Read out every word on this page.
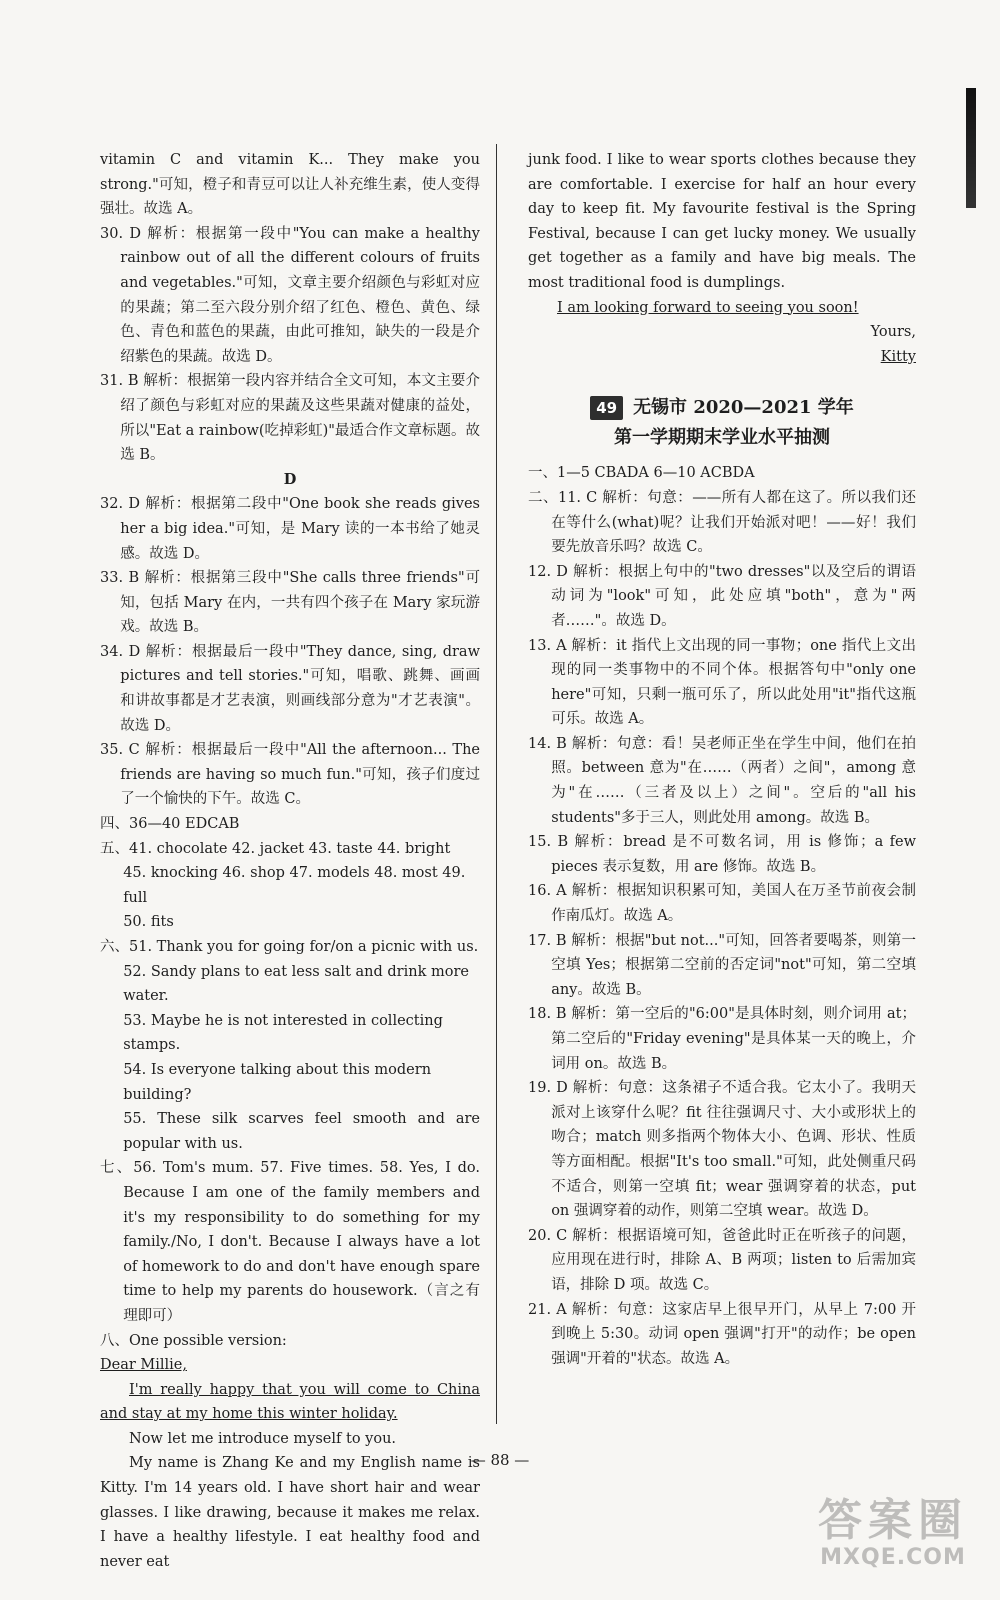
vitamin C and vitamin K... They make you strong."可知，橙子和青豆可以让人补充维生素，使人变得强壮。故选 A。

30. D 解析：根据第一段中"You can make a healthy rainbow out of all the different colours of fruits and vegetables."可知，文章主要介绍颜色与彩虹对应的果蔬；第二至六段分别介绍了红色、橙色、黄色、绿色、青色和蓝色的果蔬，由此可推知，缺失的一段是介绍紫色的果蔬。故选 D。

31. B 解析：根据第一段内容并结合全文可知，本文主要介绍了颜色与彩虹对应的果蔬及这些果蔬对健康的益处，所以"Eat a rainbow(吃掉彩虹)"最适合作文章标题。故选 B。

D

32. D 解析：根据第二段中"One book she reads gives her a big idea."可知，是 Mary 读的一本书给了她灵感。故选 D。

33. B 解析：根据第三段中"She calls three friends"可知，包括 Mary 在内，一共有四个孩子在 Mary 家玩游戏。故选 B。

34. D 解析：根据最后一段中"They dance, sing, draw pictures and tell stories."可知，唱歌、跳舞、画画和讲故事都是才艺表演，则画线部分意为"才艺表演"。故选 D。

35. C 解析：根据最后一段中"All the afternoon... The friends are having so much fun."可知，孩子们度过了一个愉快的下午。故选 C。

四、36—40 EDCAB

五、41. chocolate 42. jacket 43. taste 44. bright

45. knocking 46. shop 47. models 48. most 49. full

50. fits

六、51. Thank you for going for/on a picnic with us.

52. Sandy plans to eat less salt and drink more water.

53. Maybe he is not interested in collecting stamps.

54. Is everyone talking about this modern building?

55. These silk scarves feel smooth and are popular with us.

七、56. Tom's mum. 57. Five times. 58. Yes, I do. Because I am one of the family members and it's my responsibility to do something for my family./No, I don't. Because I always have a lot of homework to do and don't have enough spare time to help my parents do housework.（言之有理即可）

八、One possible version:

Dear Millie,

I'm really happy that you will come to China and stay at my home this winter holiday.

Now let me introduce myself to you.

My name is Zhang Ke and my English name is Kitty. I'm 14 years old. I have short hair and wear glasses. I like drawing, because it makes me relax. I have a healthy lifestyle. I eat healthy food and never eat

junk food. I like to wear sports clothes because they are comfortable. I exercise for half an hour every day to keep fit. My favourite festival is the Spring Festival, because I can get lucky money. We usually get together as a family and have big meals. The most traditional food is dumplings.

I am looking forward to seeing you soon!

Yours,

Kitty

49 无锡市 2020—2021 学年
第一学期期末学业水平抽测

一、1—5 CBADA 6—10 ACBDA

二、11. C 解析：句意：——所有人都在这了。所以我们还在等什么(what)呢？让我们开始派对吧！——好！我们要先放音乐吗？故选 C。

12. D 解析：根据上句中的"two dresses"以及空后的谓语动词为"look"可知，此处应填"both"，意为"两者……"。故选 D。

13. A 解析：it 指代上文出现的同一事物；one 指代上文出现的同一类事物中的不同个体。根据答句中"only one here"可知，只剩一瓶可乐了，所以此处用"it"指代这瓶可乐。故选 A。

14. B 解析：句意：看！吴老师正坐在学生中间，他们在拍照。between 意为"在……（两者）之间"，among 意为"在……（三者及以上）之间"。空后的"all his students"多于三人，则此处用 among。故选 B。

15. B 解析：bread 是不可数名词，用 is 修饰；a few pieces 表示复数，用 are 修饰。故选 B。

16. A 解析：根据知识积累可知，美国人在万圣节前夜会制作南瓜灯。故选 A。

17. B 解析：根据"but not..."可知，回答者要喝茶，则第一空填 Yes；根据第二空前的否定词"not"可知，第二空填 any。故选 B。

18. B 解析：第一空后的"6:00"是具体时刻，则介词用 at；第二空后的"Friday evening"是具体某一天的晚上，介词用 on。故选 B。

19. D 解析：句意：这条裙子不适合我。它太小了。我明天派对上该穿什么呢？fit 往往强调尺寸、大小或形状上的吻合；match 则多指两个物体大小、色调、形状、性质等方面相配。根据"It's too small."可知，此处侧重尺码不适合，则第一空填 fit；wear 强调穿着的状态，put on 强调穿着的动作，则第二空填 wear。故选 D。

20. C 解析：根据语境可知，爸爸此时正在听孩子的问题，应用现在进行时，排除 A、B 两项；listen to 后需加宾语，排除 D 项。故选 C。

21. A 解析：句意：这家店早上很早开门，从早上 7:00 开到晚上 5:30。动词 open 强调"打开"的动作；be open 强调"开着的"状态。故选 A。

— 88 —
答案圈
MXQE.COM
